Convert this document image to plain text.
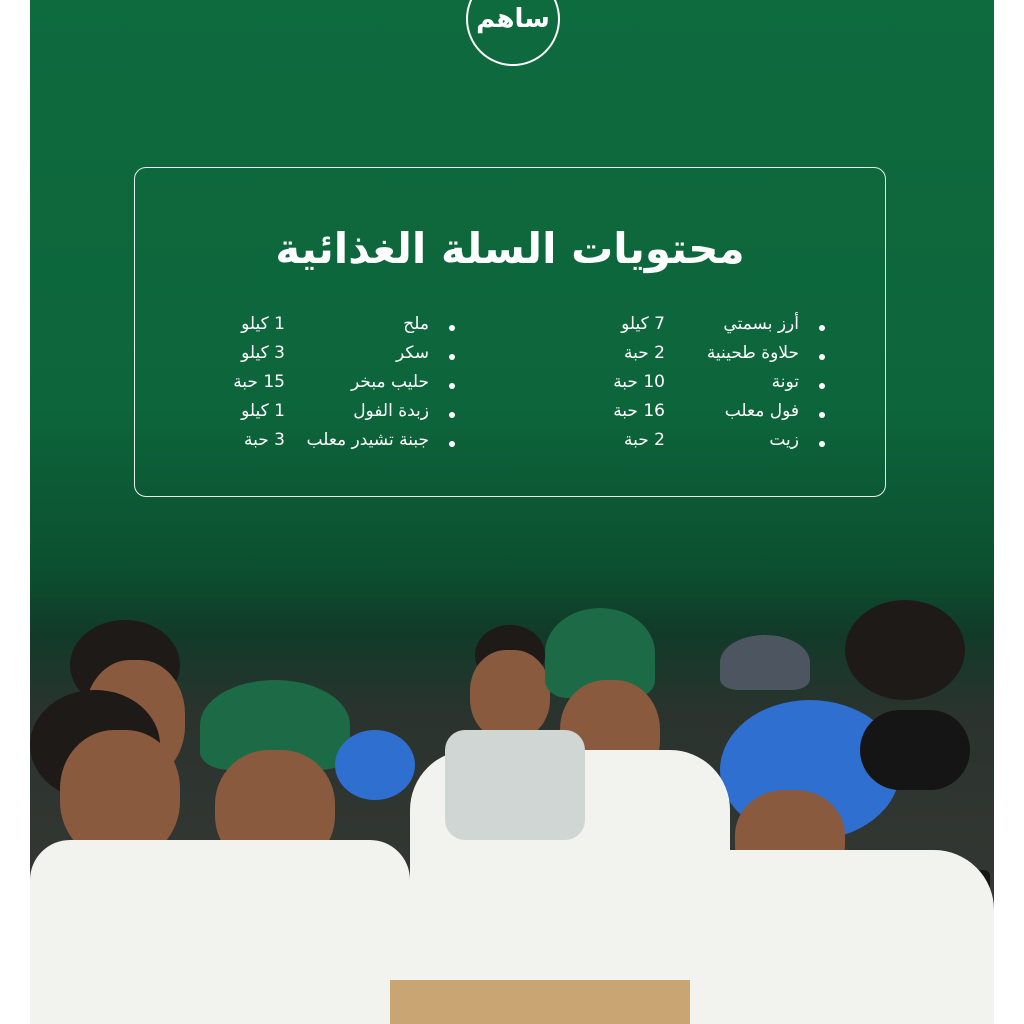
ساهم
محتويات السلة الغذائية
أرز بسمتي
7 كيلو
حلاوة طحينية
2 حبة
تونة
10 حبة
فول معلب
16 حبة
زيت
2 حبة
ملح
1 كيلو
سكر
3 كيلو
حليب مبخر
15 حبة
زبدة الفول
1 كيلو
جبنة تشيدر معلب
3 حبة
